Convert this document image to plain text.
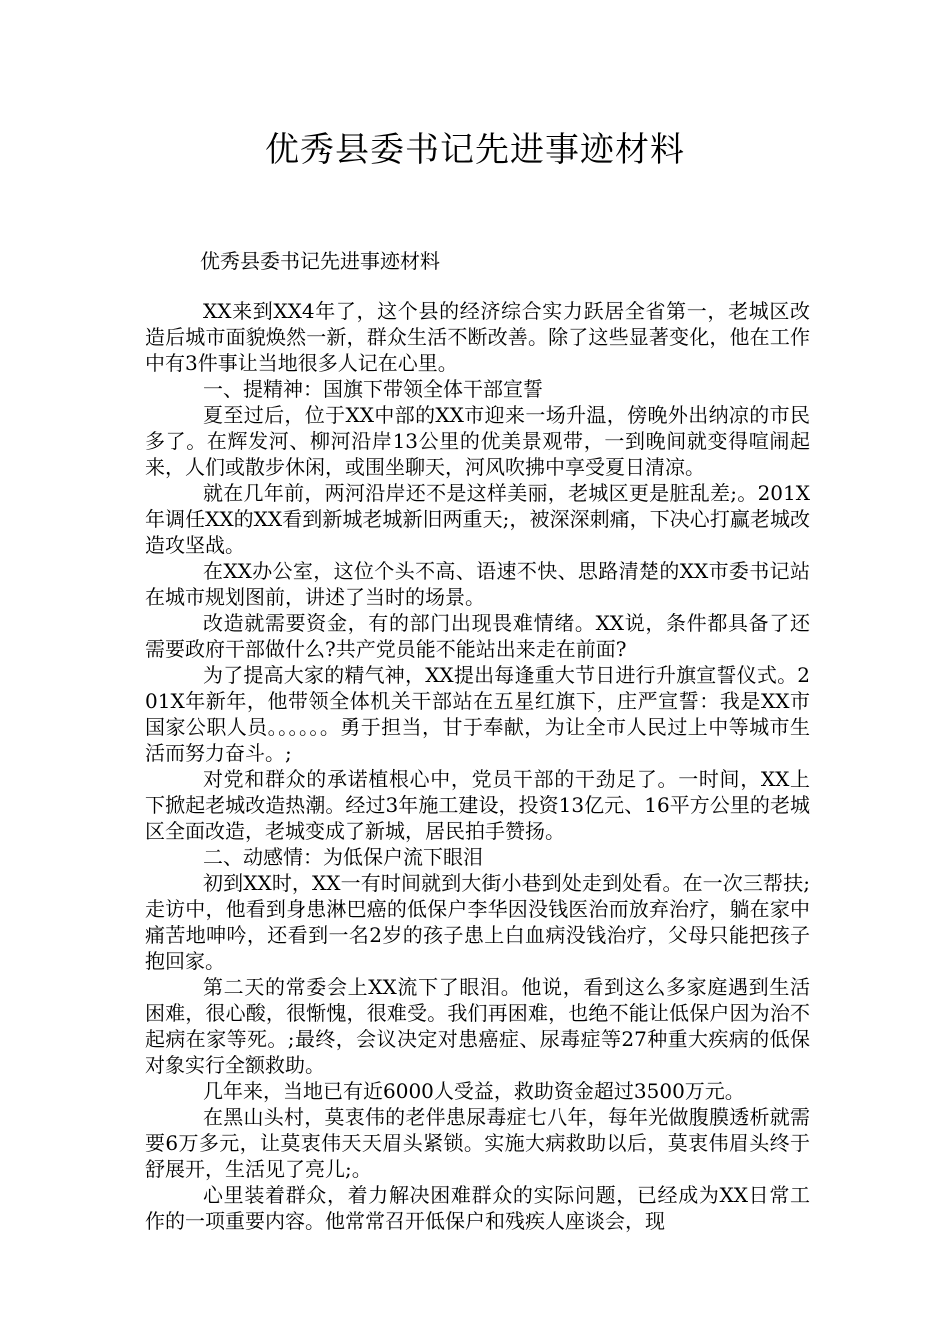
优秀县委书记先进事迹材料

优秀县委书记先进事迹材料

XX来到XX4年了，这个县的经济综合实力跃居全省第一，老城区改造后城市面貌焕然一新，群众生活不断改善。除了这些显著变化，他在工作中有3件事让当地很多人记在心里。

一、提精神：国旗下带领全体干部宣誓

夏至过后，位于XX中部的XX市迎来一场升温，傍晚外出纳凉的市民多了。在辉发河、柳河沿岸13公里的优美景观带，一到晚间就变得喧闹起来，人们或散步休闲，或围坐聊天，河风吹拂中享受夏日清凉。

就在几年前，两河沿岸还不是这样美丽，老城区更是脏乱差;。201X年调任XX的XX看到新城老城新旧两重天;，被深深刺痛，下决心打赢老城改造攻坚战。

在XX办公室，这位个头不高、语速不快、思路清楚的XX市委书记站在城市规划图前，讲述了当时的场景。

改造就需要资金，有的部门出现畏难情绪。XX说，条件都具备了还需要政府干部做什么?共产党员能不能站出来走在前面?

为了提高大家的精气神，XX提出每逢重大节日进行升旗宣誓仪式。201X年新年，他带领全体机关干部站在五星红旗下，庄严宣誓：我是XX市国家公职人员。。。。。。勇于担当，甘于奉献，为让全市人民过上中等城市生活而努力奋斗。;

对党和群众的承诺植根心中，党员干部的干劲足了。一时间，XX上下掀起老城改造热潮。经过3年施工建设，投资13亿元、16平方公里的老城区全面改造，老城变成了新城，居民拍手赞扬。

二、动感情：为低保户流下眼泪

初到XX时，XX一有时间就到大街小巷到处走到处看。在一次三帮扶;走访中，他看到身患淋巴癌的低保户李华因没钱医治而放弃治疗，躺在家中痛苦地呻吟，还看到一名2岁的孩子患上白血病没钱治疗，父母只能把孩子抱回家。

第二天的常委会上XX流下了眼泪。他说，看到这么多家庭遇到生活困难，很心酸，很惭愧，很难受。我们再困难，也绝不能让低保户因为治不起病在家等死。;最终，会议决定对患癌症、尿毒症等27种重大疾病的低保对象实行全额救助。

几年来，当地已有近6000人受益，救助资金超过3500万元。

在黑山头村，莫衷伟的老伴患尿毒症七八年，每年光做腹膜透析就需要6万多元，让莫衷伟天天眉头紧锁。实施大病救助以后，莫衷伟眉头终于舒展开，生活见了亮儿;。

心里装着群众，着力解决困难群众的实际问题，已经成为XX日常工作的一项重要内容。他常常召开低保户和残疾人座谈会，现
